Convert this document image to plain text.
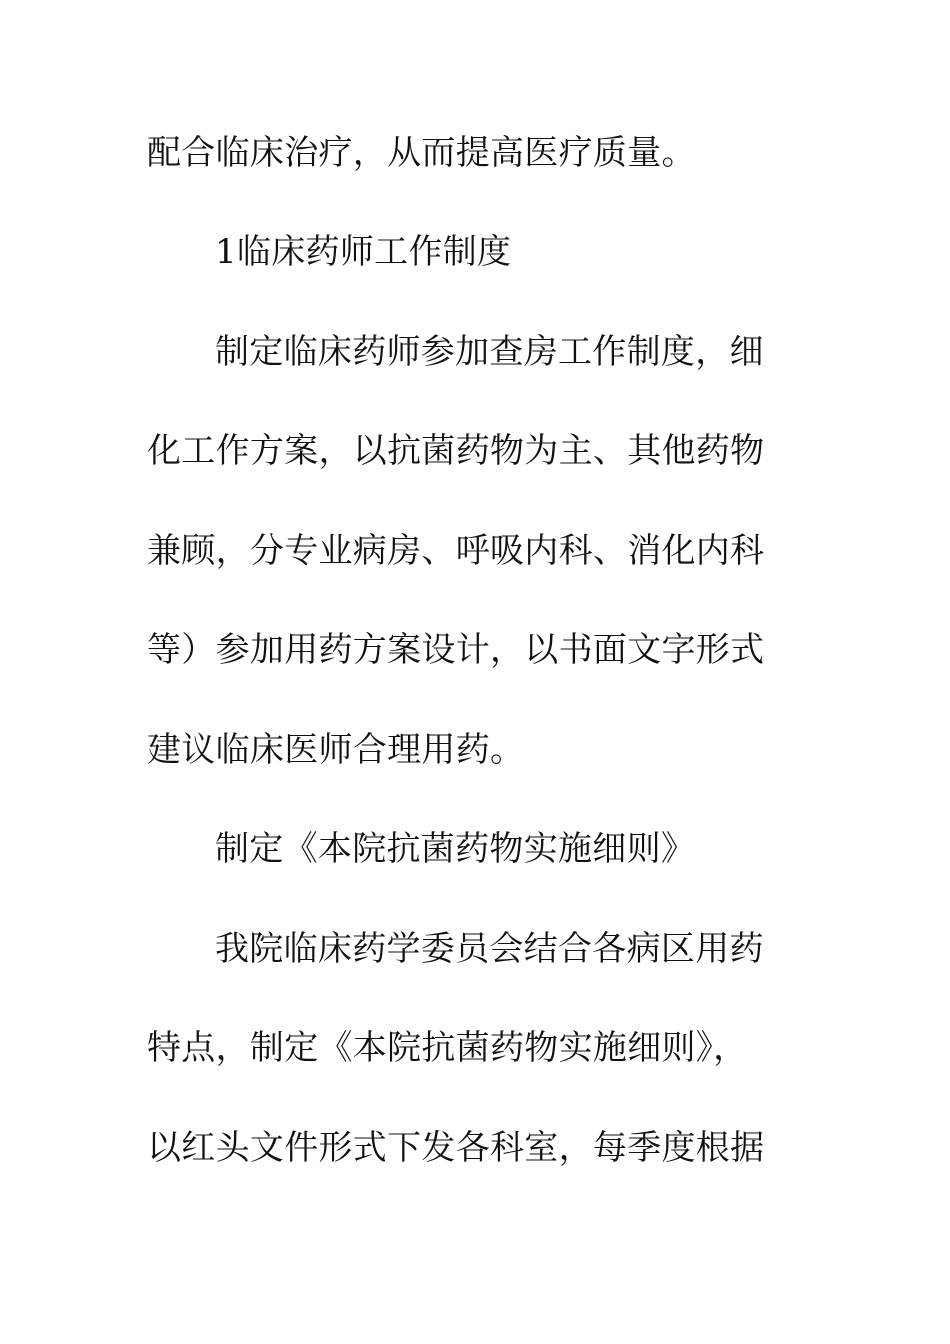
配合临床治疗，从而提高医疗质量。
1临床药师工作制度
制定临床药师参加查房工作制度，细
化工作方案，以抗菌药物为主、其他药物
兼顾，分专业病房、呼吸内科、消化内科
等）参加用药方案设计，以书面文字形式
建议临床医师合理用药。
制定《本院抗菌药物实施细则》
我院临床药学委员会结合各病区用药
特点，制定《本院抗菌药物实施细则》，
以红头文件形式下发各科室，每季度根据
